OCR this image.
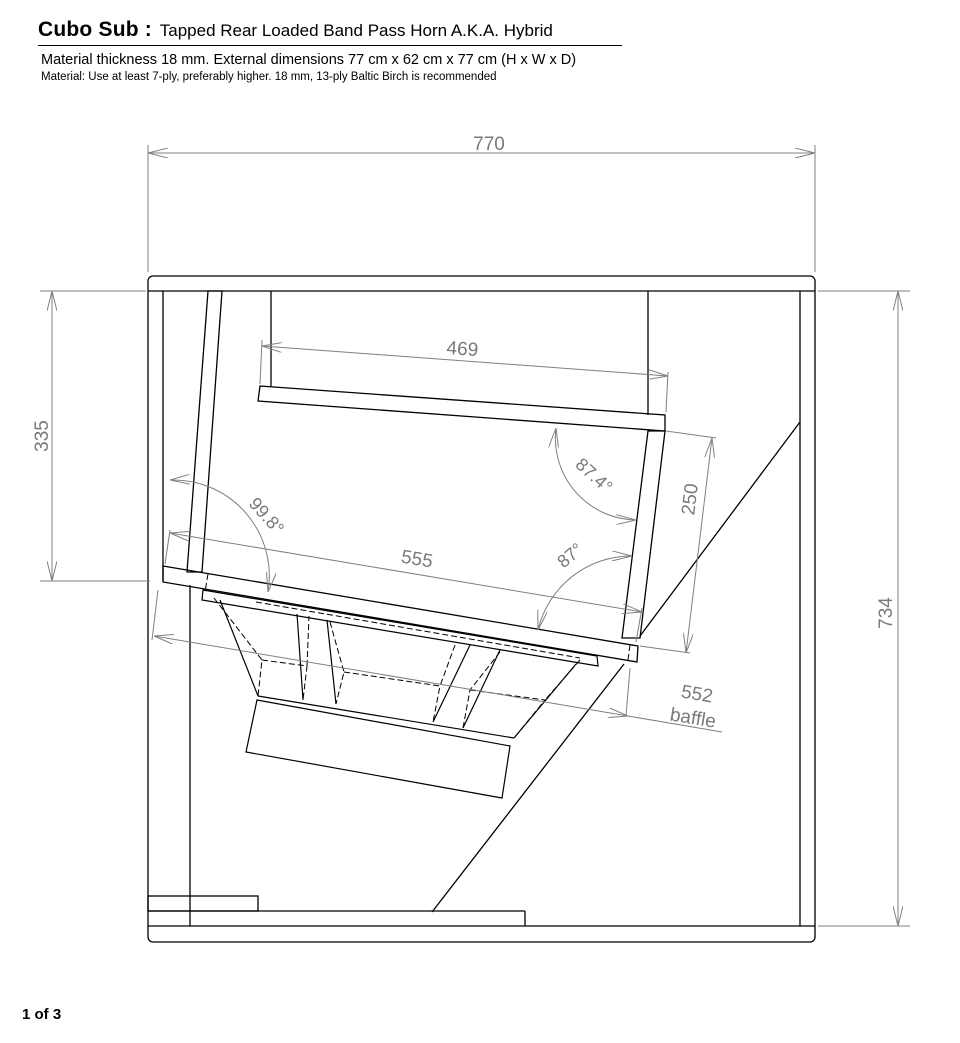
Cubo Sub : Tapped Rear Loaded Band Pass Horn A.K.A. Hybrid
Material thickness 18 mm. External dimensions 77 cm x 62 cm x 77 cm (H x W x D)
Material: Use at least 7-ply, preferably higher. 18 mm, 13-ply Baltic Birch is recommended
770
335
734
469
555
250
552
baffle
99.8°
87.4°
87°
1 of 3
